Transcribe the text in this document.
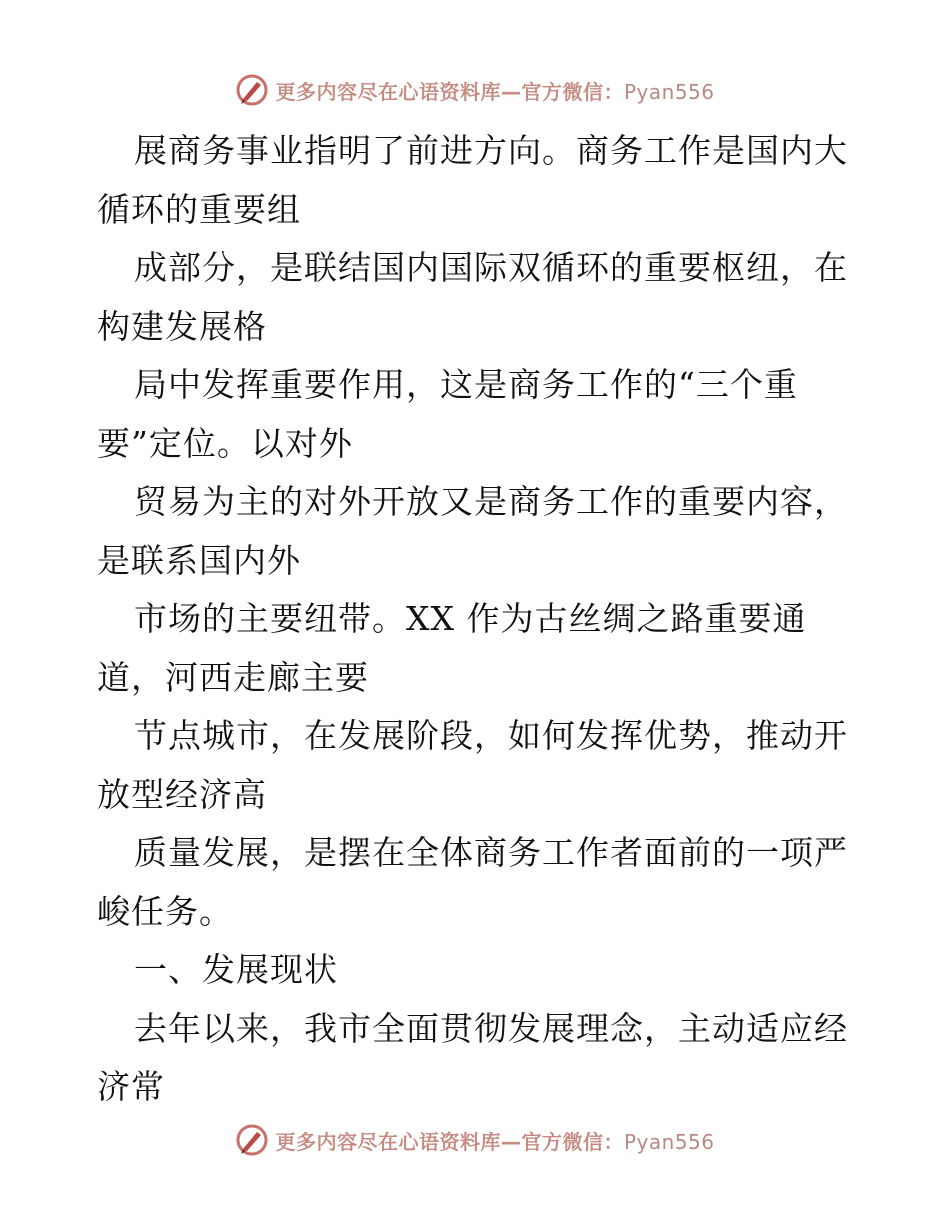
更多内容尽在心语资料库—官方微信：Pyan556
展商务事业指明了前进方向。商务工作是国内大
循环的重要组
成部分，是联结国内国际双循环的重要枢纽，在
构建发展格
局中发挥重要作用，这是商务工作的“三个重
要”定位。以对外
贸易为主的对外开放又是商务工作的重要内容，
是联系国内外
市场的主要纽带。XX 作为古丝绸之路重要通
道，河西走廊主要
节点城市，在发展阶段，如何发挥优势，推动开
放型经济高
质量发展，是摆在全体商务工作者面前的一项严
峻任务。
一、发展现状
去年以来，我市全面贯彻发展理念，主动适应经
济常
更多内容尽在心语资料库—官方微信：Pyan556
